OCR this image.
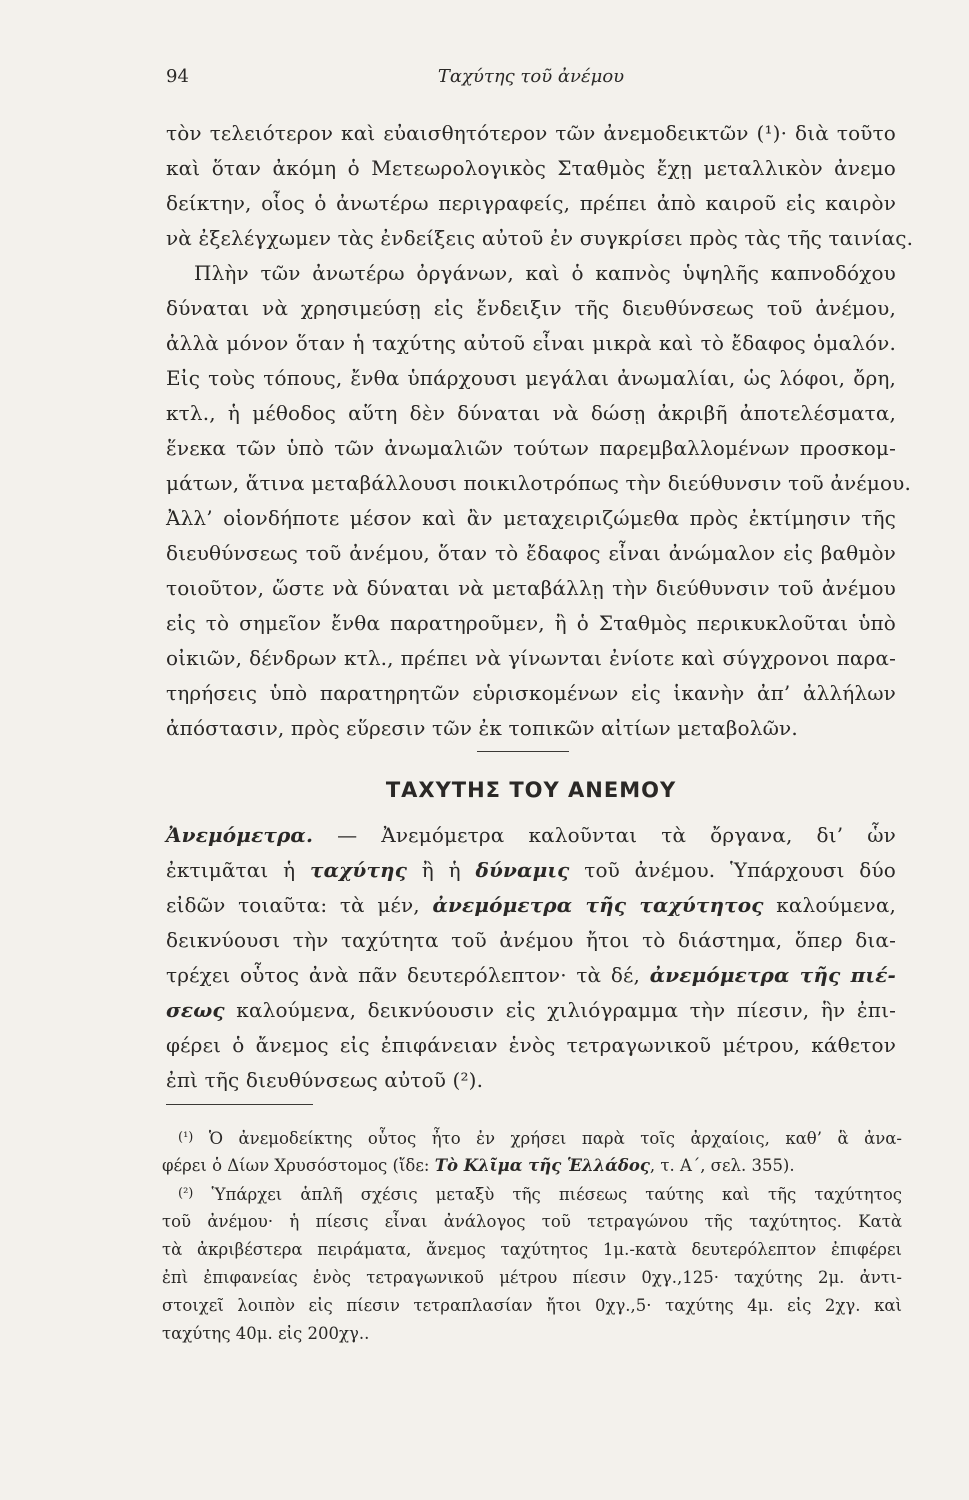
94	Ταχύτης τοῦ ἀνέμου
τὸν τελειότερον καὶ εὐαισθητότερον τῶν ἀνεμοδεικτῶν (¹)· διὰ τοῦτο
καὶ ὅταν ἀκόμη ὁ Μετεωρολογικὸς Σταθμὸς ἔχῃ μεταλλικὸν ἀνεμο
δείκτην, οἷος ὁ ἀνωτέρω περιγραφείς, πρέπει ἀπὸ καιροῦ εἰς καιρὸν
νὰ ἐξελέγχωμεν τὰς ἐνδείξεις αὐτοῦ ἐν συγκρίσει πρὸς τὰς τῆς ταινίας.
Πλὴν τῶν ἀνωτέρω ὀργάνων, καὶ ὁ καπνὸς ὑψηλῆς καπνοδόχου
δύναται νὰ χρησιμεύσῃ εἰς ἔνδειξιν τῆς διευθύνσεως τοῦ ἀνέμου,
ἀλλὰ μόνον ὅταν ἡ ταχύτης αὐτοῦ εἶναι μικρὰ καὶ τὸ ἔδαφος ὁμαλόν.
Εἰς τοὺς τόπους, ἔνθα ὑπάρχουσι μεγάλαι ἀνωμαλίαι, ὡς λόφοι, ὄρη,
κτλ., ἡ μέθοδος αὕτη δὲν δύναται νὰ δώσῃ ἀκριβῆ ἀποτελέσματα,
ἕνεκα τῶν ὑπὸ τῶν ἀνωμαλιῶν τούτων παρεμβαλλομένων προσκομ-
μάτων, ἅτινα μεταβάλλουσι ποικιλοτρόπως τὴν διεύθυνσιν τοῦ ἀνέμου.
Ἀλλ’ οἱονδήποτε μέσον καὶ ἂν μεταχειριζώμεθα πρὸς ἐκτίμησιν τῆς
διευθύνσεως τοῦ ἀνέμου, ὅταν τὸ ἔδαφος εἶναι ἀνώμαλον εἰς βαθμὸν
τοιοῦτον, ὥστε νὰ δύναται νὰ μεταβάλλῃ τὴν διεύθυνσιν τοῦ ἀνέμου
εἰς τὸ σημεῖον ἔνθα παρατηροῦμεν, ἢ ὁ Σταθμὸς περικυκλοῦται ὑπὸ
οἰκιῶν, δένδρων κτλ., πρέπει νὰ γίνωνται ἐνίοτε καὶ σύγχρονοι παρα-
τηρήσεις ὑπὸ παρατηρητῶν εὑρισκομένων εἰς ἱκανὴν ἀπ’ ἀλλήλων
ἀπόστασιν, πρὸς εὕρεσιν τῶν ἐκ τοπικῶν αἰτίων μεταβολῶν.
ΤΑΧΥΤΗΣ ΤΟΥ ΑΝΕΜΟΥ
Ἀνεμόμετρα. — Ἀνεμόμετρα καλοῦνται τὰ ὄργανα, δι’ ὧν
ἐκτιμᾶται ἡ ταχύτης ἢ ἡ δύναμις τοῦ ἀνέμου. Ὑπάρχουσι δύο
εἰδῶν τοιαῦτα: τὰ μέν, ἀνεμόμετρα τῆς ταχύτητος καλούμενα,
δεικνύουσι τὴν ταχύτητα τοῦ ἀνέμου ἤτοι τὸ διάστημα, ὅπερ δια-
τρέχει οὗτος ἀνὰ πᾶν δευτερόλεπτον· τὰ δέ, ἀνεμόμετρα τῆς πιέ-
σεως καλούμενα, δεικνύουσιν εἰς χιλιόγραμμα τὴν πίεσιν, ἣν ἐπι-
φέρει ὁ ἄνεμος εἰς ἐπιφάνειαν ἑνὸς τετραγωνικοῦ μέτρου, κάθετον
ἐπὶ τῆς διευθύνσεως αὐτοῦ (²).
(¹) Ὁ ἀνεμοδείκτης οὗτος ἦτο ἐν χρήσει παρὰ τοῖς ἀρχαίοις, καθ’ ἃ ἀνα-
φέρει ὁ Δίων Χρυσόστομος (ἴδε: Τὸ Κλῖμα τῆς Ἑλλάδος, τ. Α΄, σελ. 355).
(²) Ὑπάρχει ἁπλῆ σχέσις μεταξὺ τῆς πιέσεως ταύτης καὶ τῆς ταχύτητος
τοῦ ἀνέμου· ἡ πίεσις εἶναι ἀνάλογος τοῦ τετραγώνου τῆς ταχύτητος. Κατὰ
τὰ ἀκριβέστερα πειράματα, ἄνεμος ταχύτητος 1μ.-κατὰ δευτερόλεπτον ἐπιφέρει
ἐπὶ ἐπιφανείας ἑνὸς τετραγωνικοῦ μέτρου πίεσιν 0χγ.,125· ταχύτης 2μ. ἀντι-
στοιχεῖ λοιπὸν εἰς πίεσιν τετραπλασίαν ἤτοι 0χγ.,5· ταχύτης 4μ. εἰς 2χγ. καὶ
ταχύτης 40μ. εἰς 200χγ..
